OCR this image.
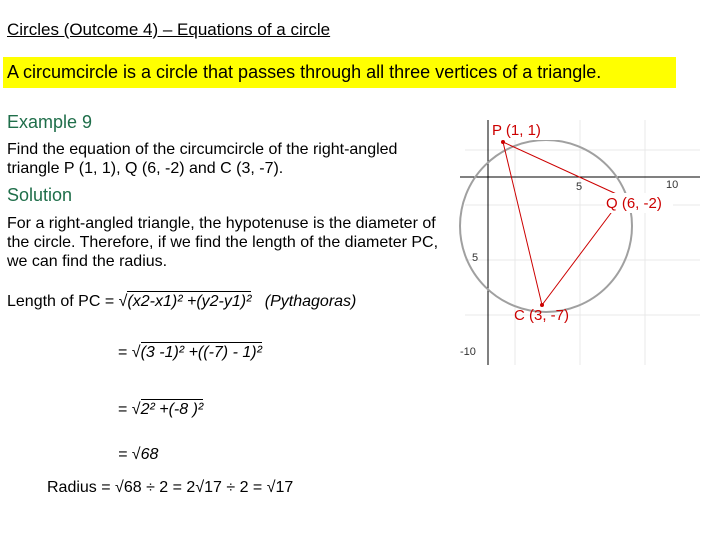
Circles (Outcome 4) – Equations of a circle
A circumcircle is a circle that passes through all three vertices of a triangle.
Example 9
Find the equation of the circumcircle of the right-angled triangle P (1, 1), Q (6, -2) and C (3, -7).
Solution
For a right-angled triangle, the hypotenuse is the diameter of the circle. Therefore, if we find the length of the diameter PC, we can find the radius.
Length of PC = √(x2-x1)² +(y2-y1)² (Pythagoras)
= √(3 -1)² +((-7) - 1)²
= √2² +(-8 )²
= √68
Radius = √68 ÷ 2 = 2√17 ÷ 2 = √17
5	10
5
-10
P (1, 1)
Q (6, -2)
C (3, -7)
